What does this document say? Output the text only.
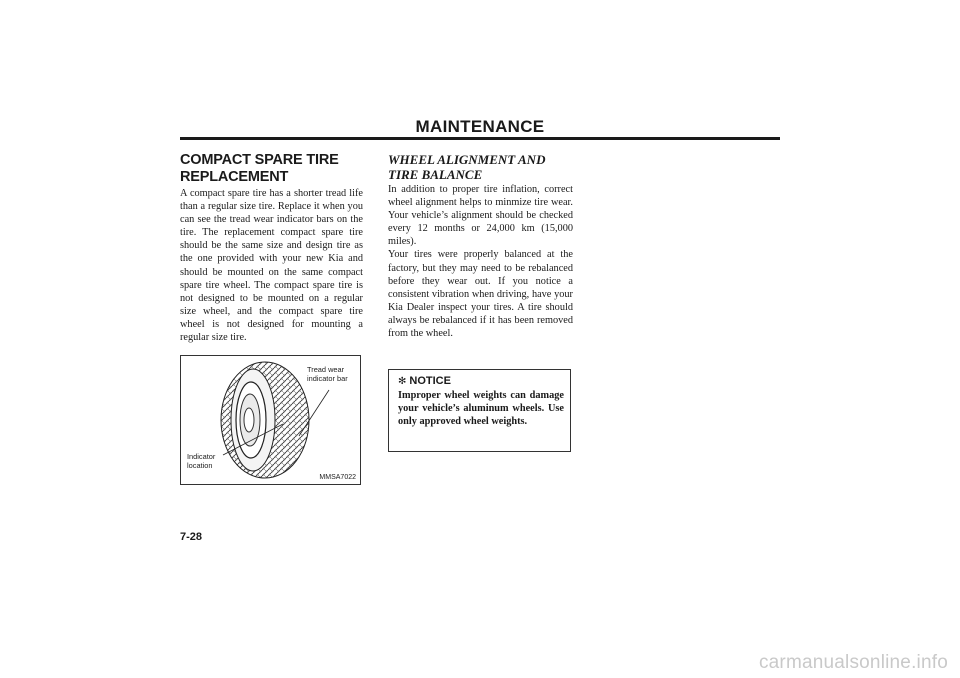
MAINTENANCE
COMPACT SPARE TIRE REPLACEMENT

A compact spare tire has a shorter tread life than a regular size tire. Replace it when you can see the tread wear indicator bars on the tire. The replacement compact spare tire should be the same size and design tire as the one provided with your new Kia and should be mounted on the same compact spare tire wheel. The compact spare tire is not designed to be mounted on a regular size wheel, and the compact spare tire wheel is not designed for mounting a regular size tire.

Tread wear indicator bar
Indicator location
MMSA7022
WHEEL ALIGNMENT AND TIRE BALANCE

In addition to proper tire inflation, correct wheel alignment helps to minmize tire wear. Your vehicle’s alignment should be checked every 12 months or 24,000 km (15,000 miles).

Your tires were properly balanced at the factory, but they may need to be rebalanced before they wear out. If you notice a consistent vibration when driving, have your Kia Dealer inspect your tires. A tire should always be rebalanced if it has been removed from the wheel.

✻ NOTICE

Improper wheel weights can damage your vehicle’s aluminum wheels. Use only approved wheel weights.

7-28
carmanualsonline.info
